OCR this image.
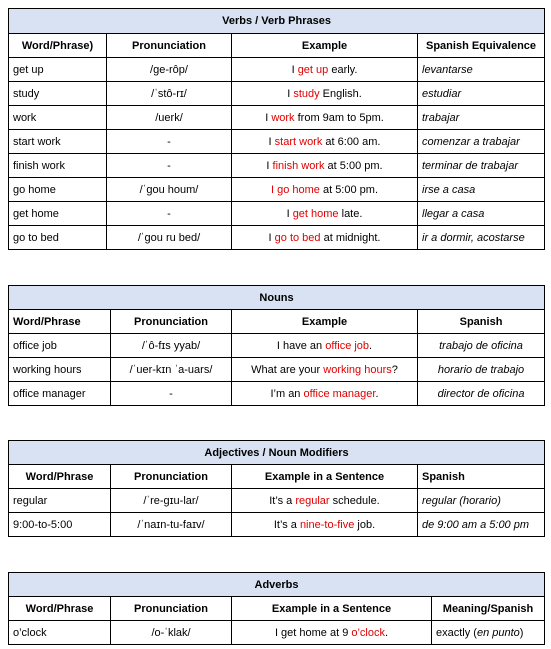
Verbs / Verb Phrases			
Word/Phrase)	Pronunciation	Example	Spanish Equivalence
get up	/ge-rôp/	I get up early.	levantarse
study	/ˈstô-rɪ/	I study English.	estudiar
work	/uerk/	I work from 9am to 5pm.	trabajar
start work	-	I start work at 6:00 am.	comenzar a trabajar
finish work	-	I finish work at 5:00 pm.	terminar de trabajar
go home	/ˈgou houm/	I go home at 5:00 pm.	irse a casa
get home	-	I get home late.	llegar a casa
go to bed	/ˈgou ru bed/	I go to bed at midnight.	ir a dormir, acostarse
Nouns			
Word/Phrase	Pronunciation	Example	Spanish
office job	/ˈô-fɪs yyab/	I have an office job.	trabajo de oficina
working hours	/ˈuer-kɪn ˈa-uars/	What are your working hours?	horario de trabajo
office manager	-	I’m an office manager.	director de oficina
Adjectives / Noun Modifiers			
Word/Phrase	Pronunciation	Example in a Sentence	Spanish
regular	/ˈre-gɪu-lar/	It’s a regular schedule.	regular (horario)
9:00-to-5:00	/ˈnaɪn-tu-faɪv/	It’s a nine-to-five job.	de 9:00 am a 5:00 pm
Adverbs			
Word/Phrase	Pronunciation	Example in a Sentence	Meaning/Spanish
o’clock	/o-ˈklak/	I get home at 9 o’clock.	exactly (en punto)
